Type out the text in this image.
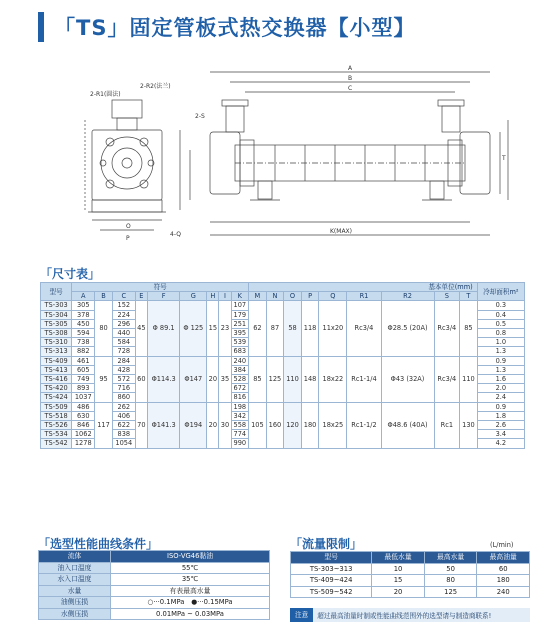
「TS」固定管板式热交换器【小型】
2-R1(圆法)
2-R2(法兰)
A
B
C
K(MAX)
O
P
4-Q
2-S
T
「尺寸表」
型号	符号									基本单位(mm)									冷却面积m²
	A	B	C	E	F	G	H	I	K	M	N	O	P	Q	R1	R2	S	T	
TS-303	305	80	152	45	Φ 89.1	Φ 125	15	23	107	62	87	58	118	11x20	Rc3/4	Φ28.5 (20A)	Rc3/4	85	0.3
TS-304	378		224						179										0.4
TS-305	450		296						251										0.5
TS-308	594		440						395										0.8
TS-310	738		584						539										1.0
TS-313	882		728						683										1.3
TS-409	461	95	284	60	Φ114.3	Φ147	20	35	240	85	125	110	148	18x22	Rc1-1/4	Φ43 (32A)	Rc3/4	110	0.9
TS-413	605		428						384										1.3
TS-416	749		572						528										1.6
TS-420	893		716						672										2.0
TS-424	1037		860						816										2.4
TS-509	486	117	262	70	Φ141.3	Φ194	20	30	198	105	160	120	180	18x25	Rc1-1/2	Φ48.6 (40A)	Rc1	130	0.9
TS-518	630		406						342										1.8
TS-526	846		622						558										2.6
TS-534	1062		838						774										3.4
TS-542	1278		1054						990										4.2
「选型性能曲线条件」
流体	ISO-VG46黏油
油入口温度	55℃
水入口温度	35℃
水量	有表最高水量
油侧压损	○···0.1MPa　●···0.15MPa
水侧压损	0.01MPa ~ 0.03MPa
「流量限制」	(L/min)
型号	最低水量	最高水量	最高油量
TS-303~313	10	50	60
TS-409~424	15	80	180
TS-509~542	20	125	240
注意	超过最高油量时制或性能曲线范围外的选型请与制造商联系!
